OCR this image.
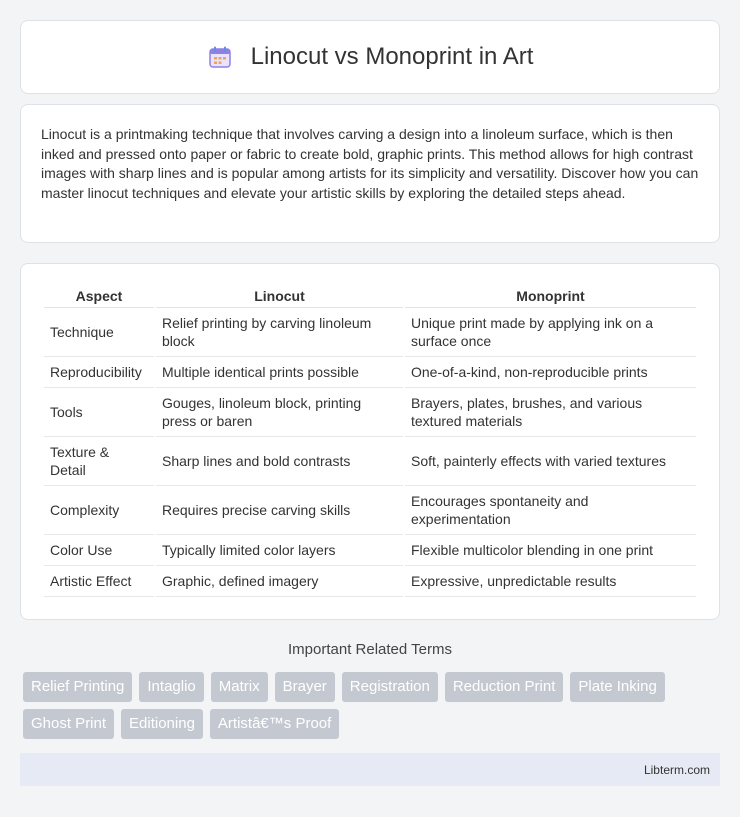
Linocut vs Monoprint in Art

Linocut is a printmaking technique that involves carving a design into a linoleum surface, which is then inked and pressed onto paper or fabric to create bold, graphic prints. This method allows for high contrast images with sharp lines and is popular among artists for its simplicity and versatility. Discover how you can master linocut techniques and elevate your artistic skills by exploring the detailed steps ahead.

Aspect	Linocut	Monoprint
Technique	Relief printing by carving linoleum block	Unique print made by applying ink on a surface once
Reproducibility	Multiple identical prints possible	One-of-a-kind, non-reproducible prints
Tools	Gouges, linoleum block, printing press or baren	Brayers, plates, brushes, and various textured materials
Texture & Detail	Sharp lines and bold contrasts	Soft, painterly effects with varied textures
Complexity	Requires precise carving skills	Encourages spontaneity and experimentation
Color Use	Typically limited color layers	Flexible multicolor blending in one print
Artistic Effect	Graphic, defined imagery	Expressive, unpredictable results
Important Related Terms
Relief Printing	Intaglio	Matrix	Brayer	Registration	Reduction Print	Plate Inking
Ghost Print	Editioning	Artistâ€™s Proof
Libterm.com
